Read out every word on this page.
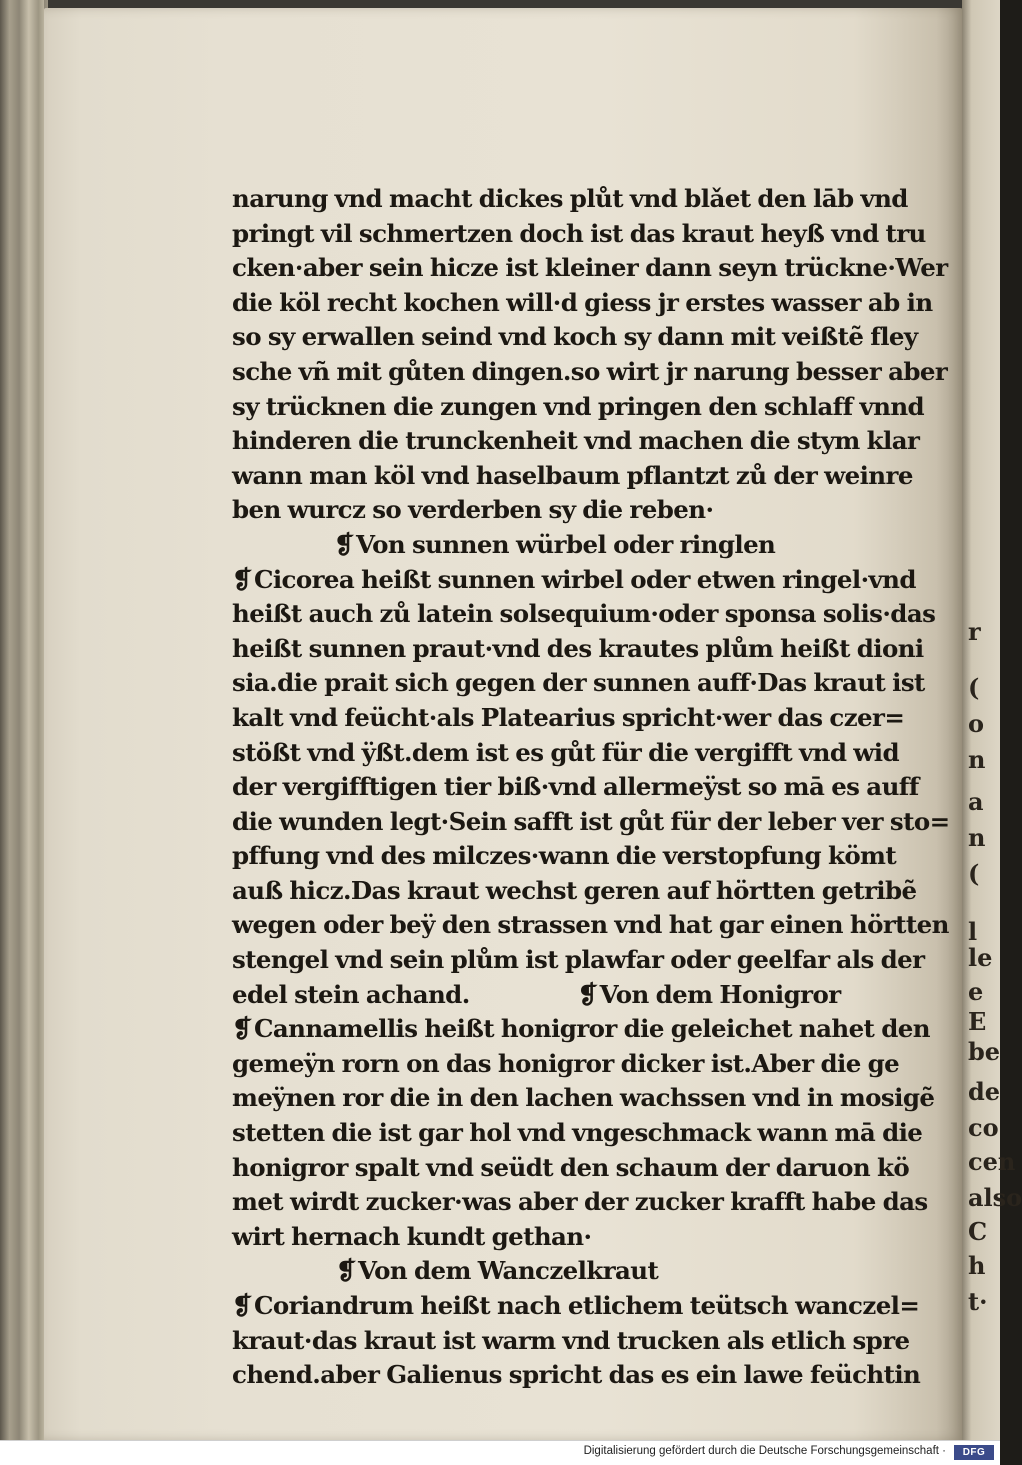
r
(
o
n
a
n
(
l
le
e
E
be
de
co
cen
also
C
h
t·
narung vnd macht dickes plůt vnd blǎet den lāb vnd
pringt vil schmertzen doch ist das kraut heyß vnd tru
cken·aber sein hicze ist kleiner dann seyn trückne·Wer
die köl recht kochen will·d giess jr erstes wasser ab in
so sy erwallen seind vnd koch sy dann mit veißtẽ fley
sche vñ mit gůten dingen.so wirt jr narung besser aber
sy trücknen die zungen vnd pringen den schlaff vnnd
hinderen die trunckenheit vnd machen die stym klar
wann man köl vnd haselbaum pflantzt zů der weinre
ben wurcz so verderben sy die reben·
❡Von sunnen würbel oder ringlen
❡Cicorea heißt sunnen wirbel oder etwen ringel·vnd
heißt auch zů latein solsequium·oder sponsa solis·das
heißt sunnen praut·vnd des krautes plům heißt dioni
sia.die prait sich gegen der sunnen auff·Das kraut ist
kalt vnd feücht·als Platearius spricht·wer das czer=
stößt vnd ÿßt.dem ist es gůt für die vergifft vnd wid
der vergifftigen tier biß·vnd allermeÿst so mā es auff
die wunden legt·Sein safft ist gůt für der leber ver sto=
pffung vnd des milczes·wann die verstopfung kömt
auß hicz.Das kraut wechst geren auf hörtten getribẽ
wegen oder beÿ den strassen vnd hat gar einen hörtten
stengel vnd sein plům ist plawfar oder geelfar als der
edel stein achand.	❡Von dem Honigror
❡Cannamellis heißt honigror die geleichet nahet den
gemeÿn rorn on das honigror dicker ist.Aber die ge
meÿnen ror die in den lachen wachssen vnd in mosigẽ
stetten die ist gar hol vnd vngeschmack wann mā die
honigror spalt vnd seüdt den schaum der daruon kö
met wirdt zucker·was aber der zucker krafft habe das
wirt hernach kundt gethan·
❡Von dem Wanczelkraut
❡Coriandrum heißt nach etlichem teütsch wanczel=
kraut·das kraut ist warm vnd trucken als etlich spre
chend.aber Galienus spricht das es ein lawe feüchtin
Digitalisierung gefördert durch die Deutsche Forschungsgemeinschaft ·	DFG
